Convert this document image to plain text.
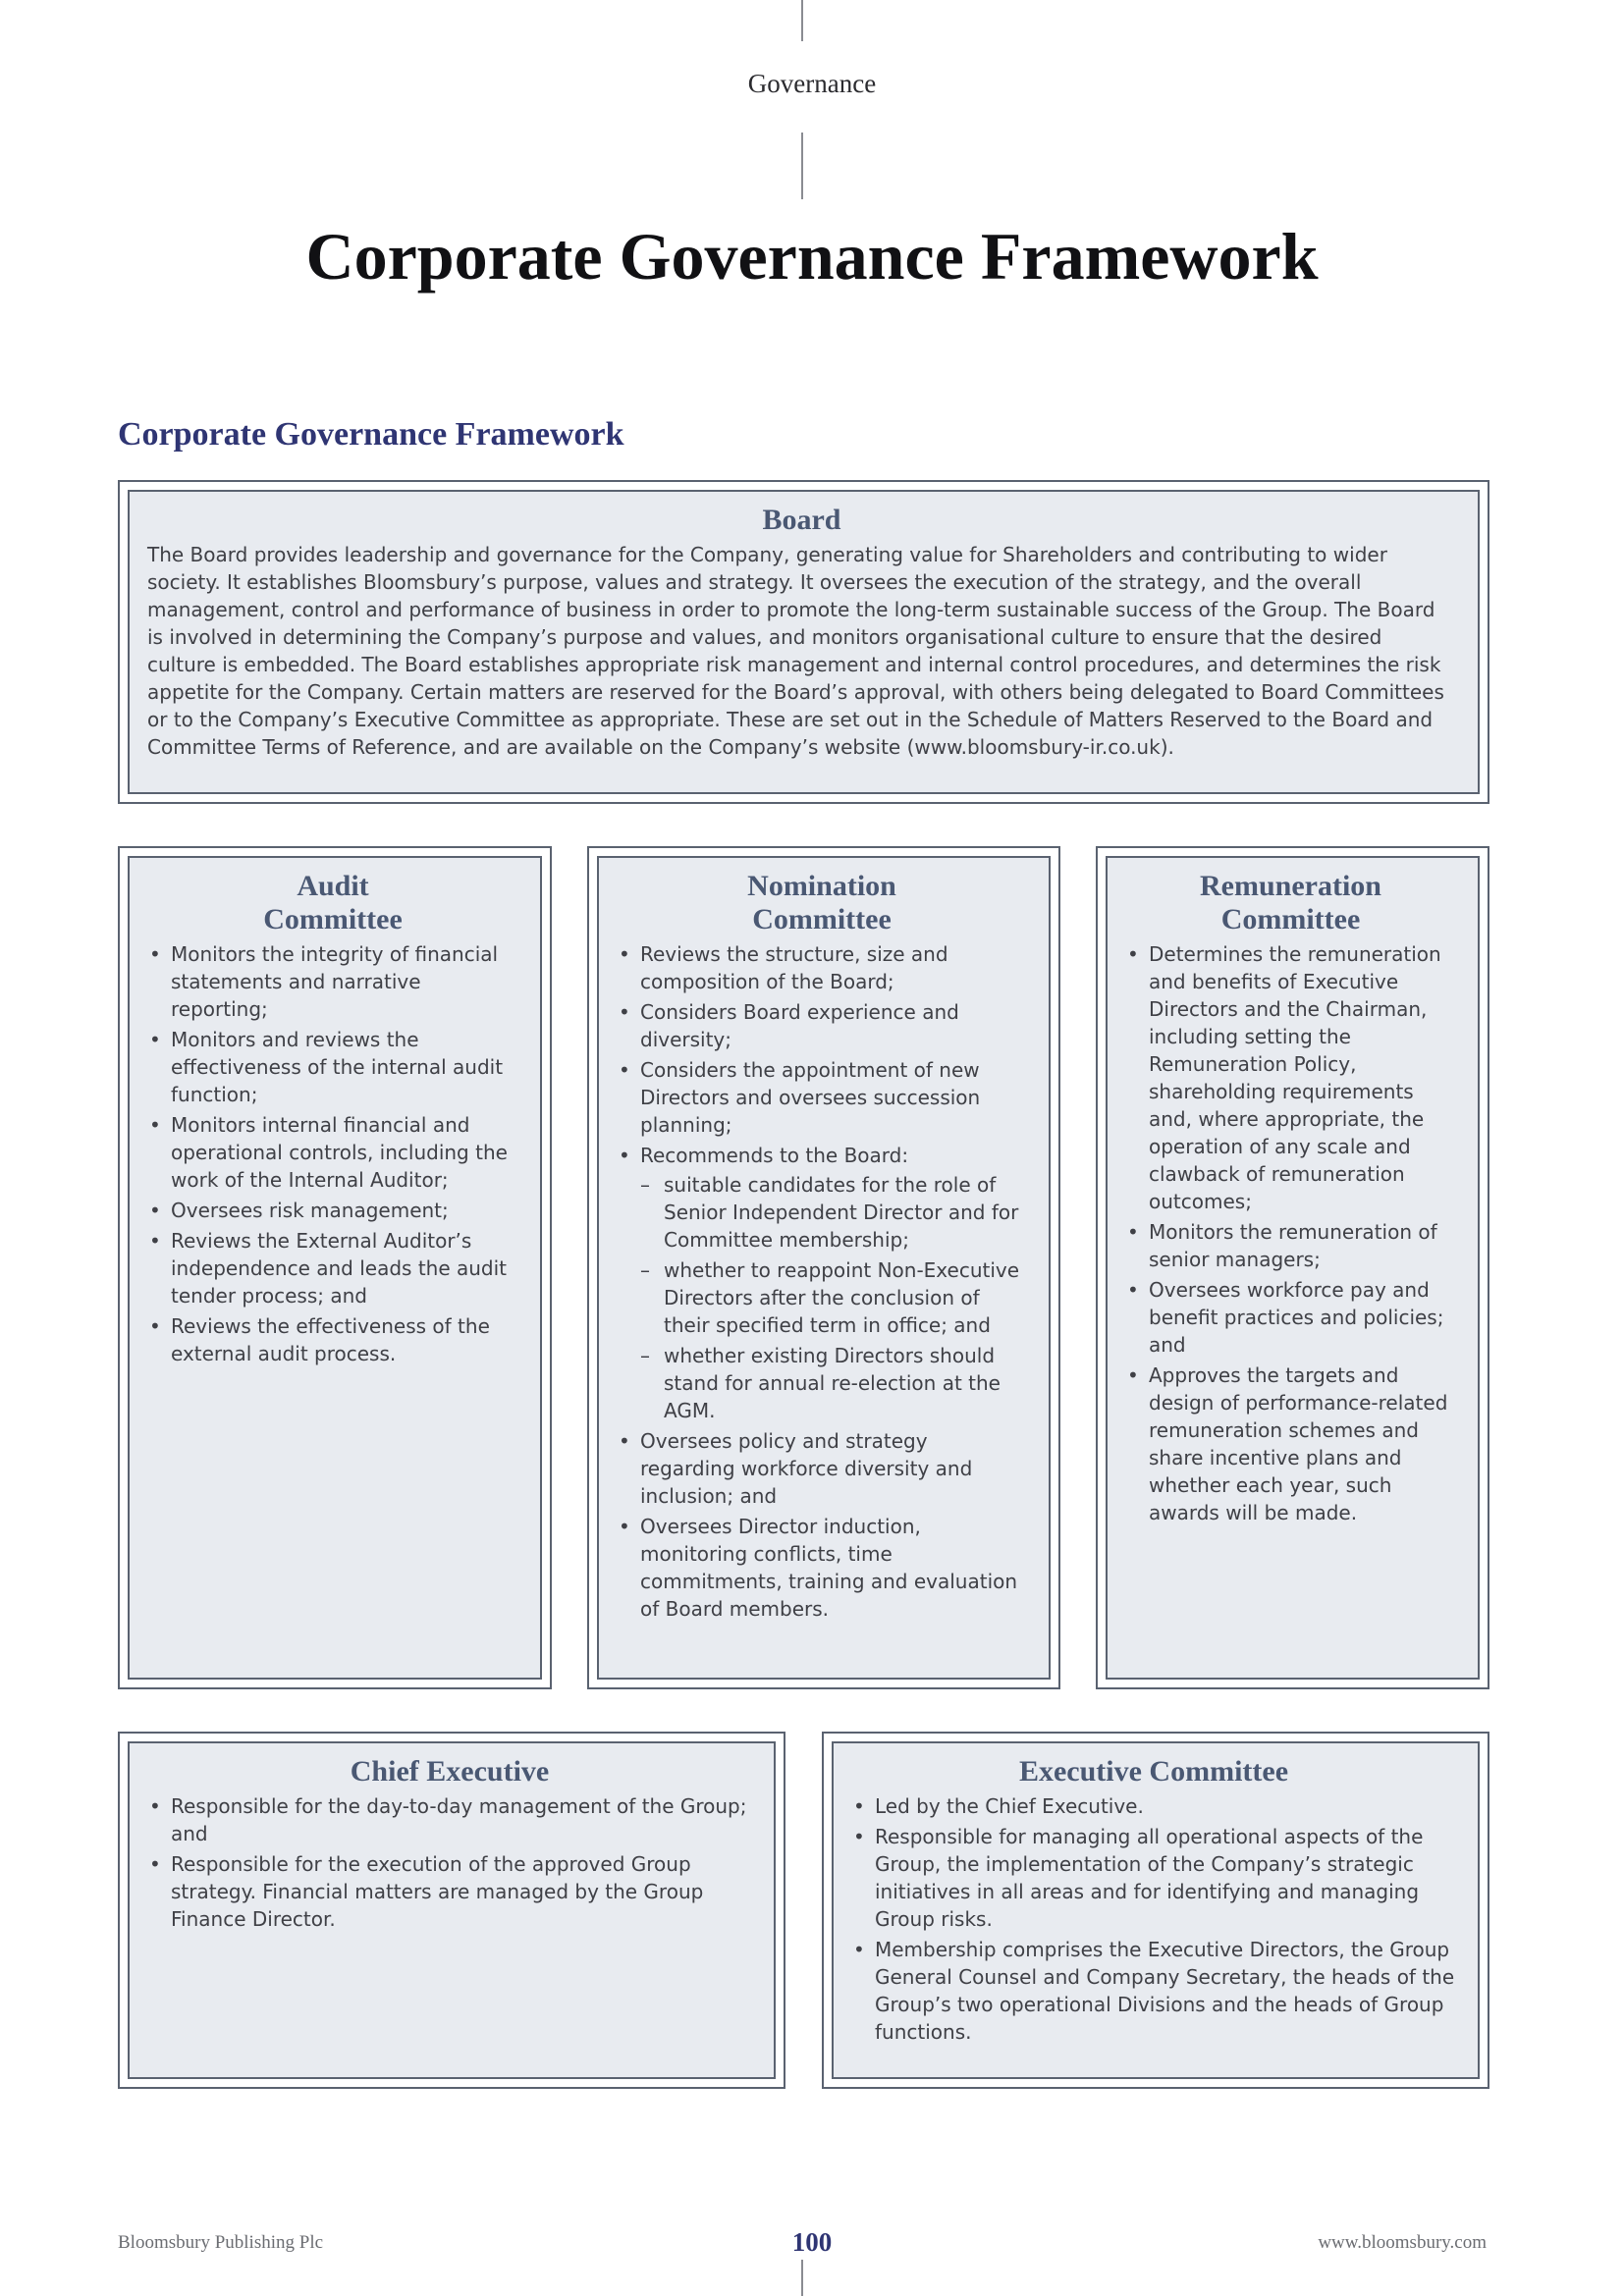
Governance
Corporate Governance Framework
Corporate Governance Framework
Board

The Board provides leadership and governance for the Company, generating value for Shareholders and contributing to wider society. It establishes Bloomsbury’s purpose, values and strategy. It oversees the execution of the strategy, and the overall management, control and performance of business in order to promote the long-term sustainable success of the Group. The Board is involved in determining the Company’s purpose and values, and monitors organisational culture to ensure that the desired culture is embedded. The Board establishes appropriate risk management and internal control procedures, and determines the risk appetite for the Company. Certain matters are reserved for the Board’s approval, with others being delegated to Board Committees or to the Company’s Executive Committee as appropriate. These are set out in the Schedule of Matters Reserved to the Board and Committee Terms of Reference, and are available on the Company’s website (www.bloomsbury-ir.co.uk).

Audit
Committee
• Monitors the integrity of financial statements and narrative reporting;
• Monitors and reviews the effectiveness of the internal audit function;
• Monitors internal financial and operational controls, including the work of the Internal Auditor;
• Oversees risk management;
• Reviews the External Auditor’s independence and leads the audit tender process; and
• Reviews the effectiveness of the external audit process.
Nomination
Committee
• Reviews the structure, size and composition of the Board;
• Considers Board experience and diversity;
• Considers the appointment of new Directors and oversees succession planning;
• Recommends to the Board:
– suitable candidates for the role of Senior Independent Director and for Committee membership;
– whether to reappoint Non-Executive Directors after the conclusion of their specified term in office; and
– whether existing Directors should stand for annual re-election at the AGM.
• Oversees policy and strategy regarding workforce diversity and inclusion; and
• Oversees Director induction, monitoring conflicts, time commitments, training and evaluation of Board members.
Remuneration
Committee
• Determines the remuneration and benefits of Executive Directors and the Chairman, including setting the Remuneration Policy, shareholding requirements and, where appropriate, the operation of any scale and clawback of remuneration outcomes;
• Monitors the remuneration of senior managers;
• Oversees workforce pay and benefit practices and policies; and
• Approves the targets and design of performance-related remuneration schemes and share incentive plans and whether each year, such awards will be made.
Chief Executive
• Responsible for the day-to-day management of the Group; and
• Responsible for the execution of the approved Group strategy. Financial matters are managed by the Group Finance Director.
Executive Committee
• Led by the Chief Executive.
• Responsible for managing all operational aspects of the Group, the implementation of the Company’s strategic initiatives in all areas and for identifying and managing Group risks.
• Membership comprises the Executive Directors, the Group General Counsel and Company Secretary, the heads of the Group’s two operational Divisions and the heads of Group functions.
Bloomsbury Publishing Plc	100	www.bloomsbury.com
